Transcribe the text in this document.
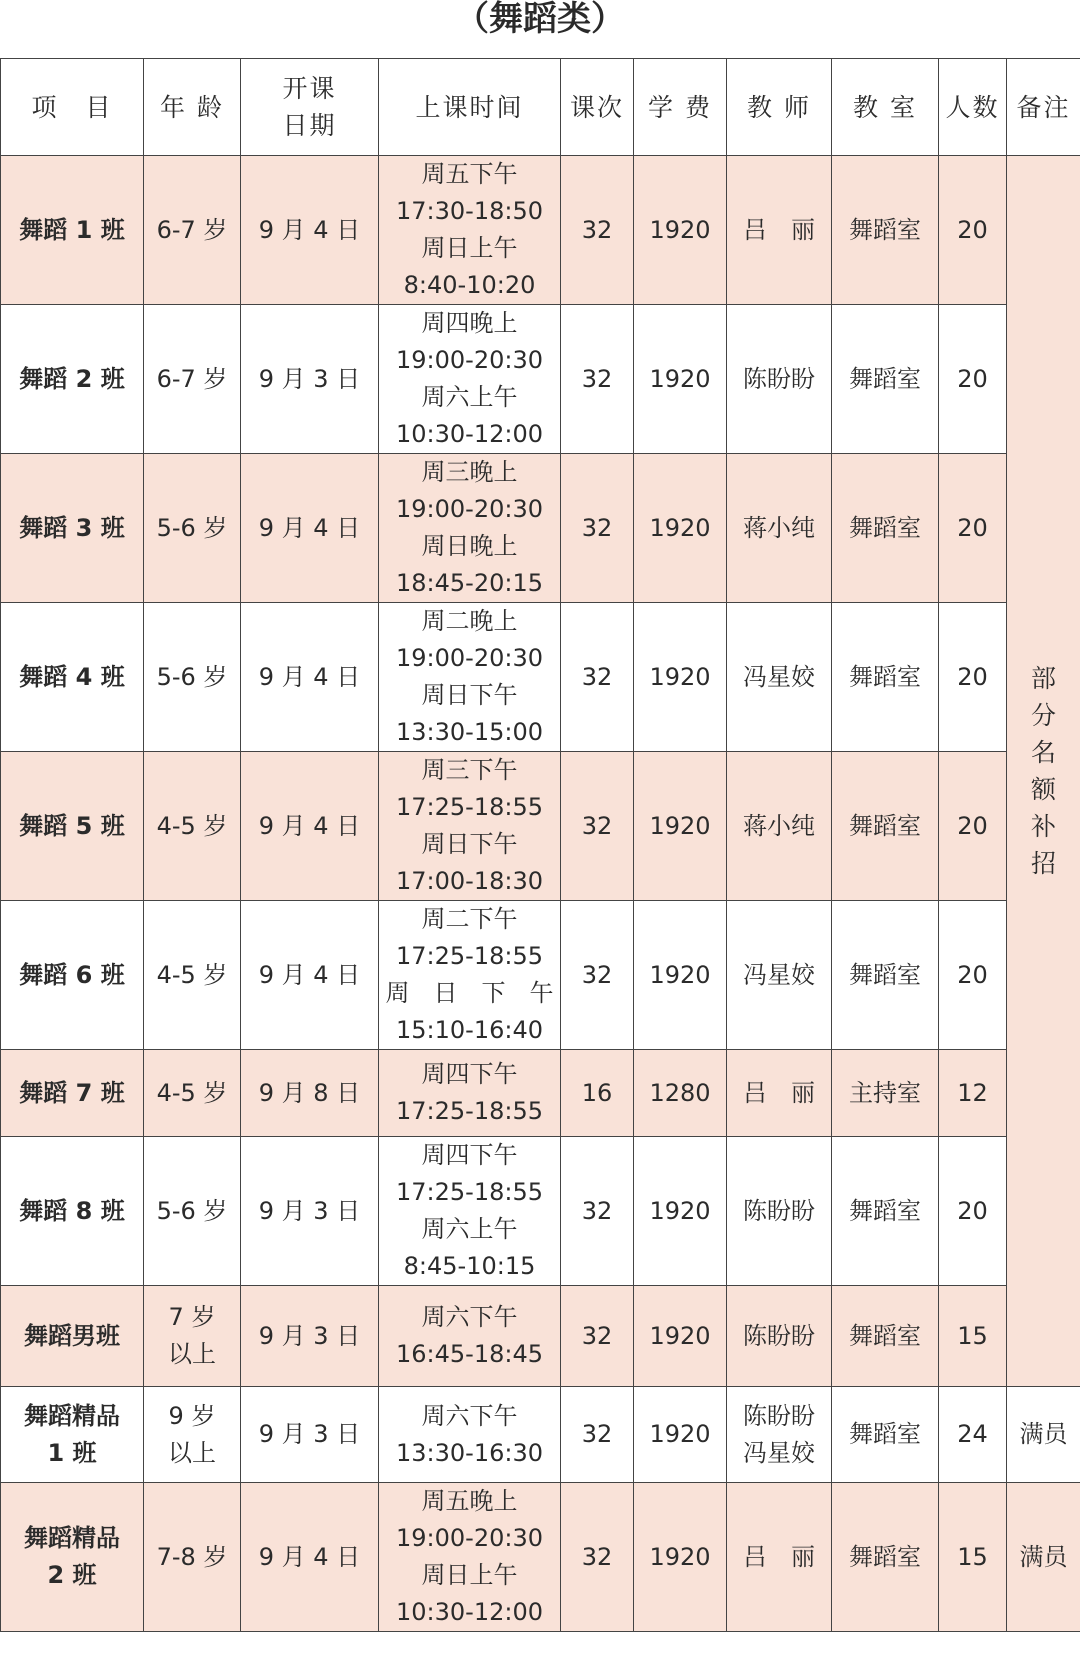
（舞蹈类）
项　目	年 龄	开课
日期	上课时间	课次	学 费	教 师	教 室	人数	备注

舞蹈 1 班	6-7 岁	9 月 4 日	周五下午
17:30-18:50
周日上午
8:40-10:20	32	1920	吕　丽	舞蹈室	20	部分名额补招

舞蹈 2 班	6-7 岁	9 月 3 日	周四晚上
19:00-20:30
周六上午
10:30-12:00	32	1920	陈盼盼	舞蹈室	20	

舞蹈 3 班	5-6 岁	9 月 4 日	周三晚上
19:00-20:30
周日晚上
18:45-20:15	32	1920	蒋小纯	舞蹈室	20	

舞蹈 4 班	5-6 岁	9 月 4 日	周二晚上
19:00-20:30
周日下午
13:30-15:00	32	1920	冯星姣	舞蹈室	20	

舞蹈 5 班	4-5 岁	9 月 4 日	周三下午
17:25-18:55
周日下午
17:00-18:30	32	1920	蒋小纯	舞蹈室	20	

舞蹈 6 班	4-5 岁	9 月 4 日	周二下午
17:25-18:55
周　日　下　午
15:10-16:40	32	1920	冯星姣	舞蹈室	20	

舞蹈 7 班	4-5 岁	9 月 8 日	周四下午
17:25-18:55	16	1280	吕　丽	主持室	12	

舞蹈 8 班	5-6 岁	9 月 3 日	周四下午
17:25-18:55
周六上午
8:45-10:15	32	1920	陈盼盼	舞蹈室	20	

舞蹈男班	7 岁
以上	9 月 3 日	周六下午
16:45-18:45	32	1920	陈盼盼	舞蹈室	15	

舞蹈精品
1 班	9 岁
以上	9 月 3 日	周六下午
13:30-16:30	32	1920	陈盼盼
冯星姣	舞蹈室	24	满员

舞蹈精品
2 班	7-8 岁	9 月 4 日	周五晚上
19:00-20:30
周日上午
10:30-12:00	32	1920	吕　丽	舞蹈室	15	满员
